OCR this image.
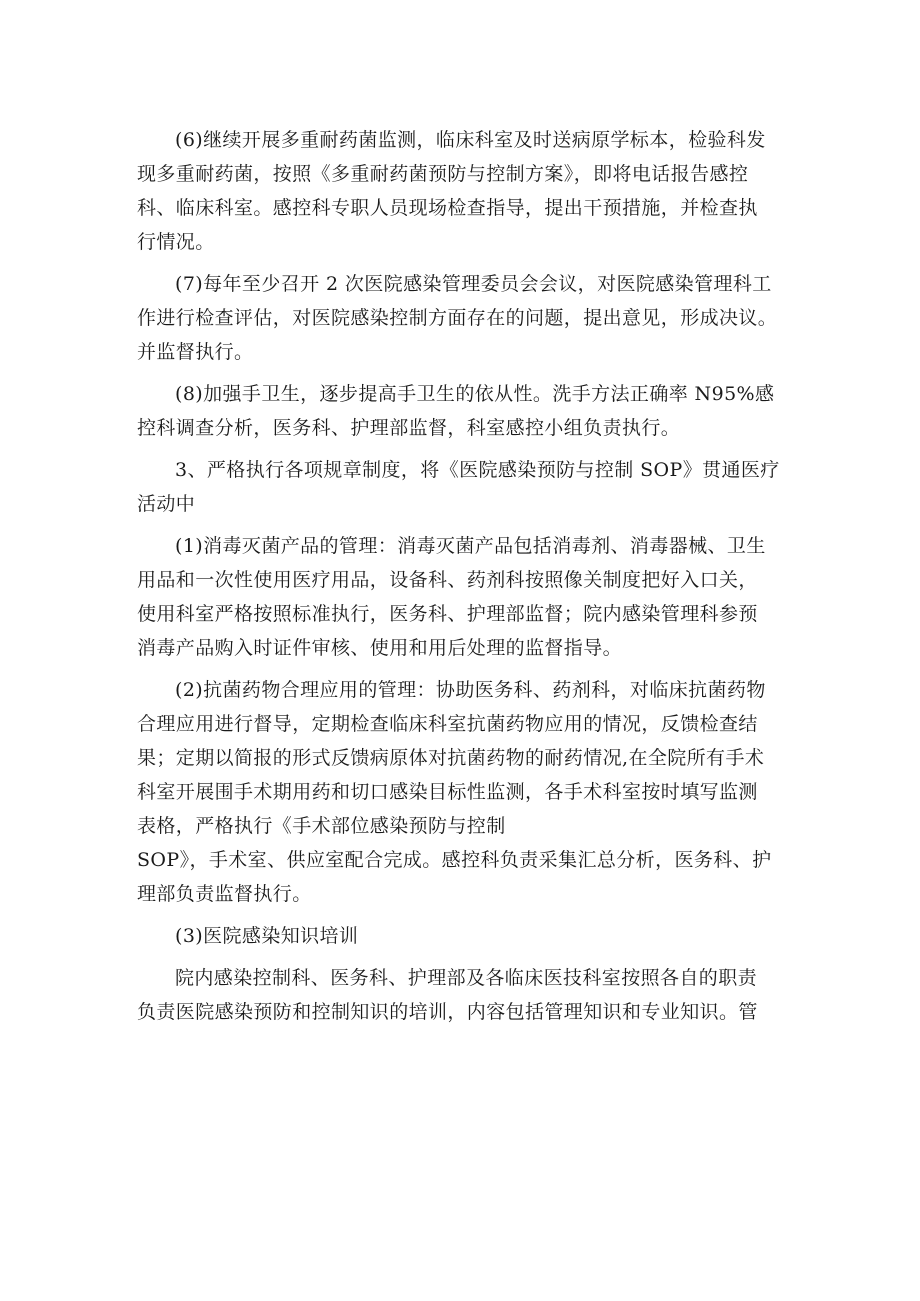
(6)继续开展多重耐药菌监测，临床科室及时送病原学标本，检验科发
现多重耐药菌，按照《多重耐药菌预防与控制方案》，即将电话报告感控
科、临床科室。感控科专职人员现场检查指导，提出干预措施，并检查执
行情况。

(7)每年至少召开 2 次医院感染管理委员会会议，对医院感染管理科工
作进行检查评估，对医院感染控制方面存在的问题，提出意见，形成决议。
并监督执行。

(8)加强手卫生，逐步提高手卫生的依从性。洗手方法正确率 N95%感
控科调查分析，医务科、护理部监督，科室感控小组负责执行。

3、严格执行各项规章制度，将《医院感染预防与控制 SOP》贯通医疗
活动中

(1)消毒灭菌产品的管理：消毒灭菌产品包括消毒剂、消毒器械、卫生
用品和一次性使用医疗用品，设备科、药剂科按照像关制度把好入口关，
使用科室严格按照标准执行，医务科、护理部监督；院内感染管理科参预
消毒产品购入时证件审核、使用和用后处理的监督指导。

(2)抗菌药物合理应用的管理：协助医务科、药剂科，对临床抗菌药物
合理应用进行督导，定期检查临床科室抗菌药物应用的情况，反馈检查结
果；定期以简报的形式反馈病原体对抗菌药物的耐药情况,在全院所有手术
科室开展围手术期用药和切口感染目标性监测，各手术科室按时填写监测
表格，严格执行《手术部位感染预防与控制
SOP》，手术室、供应室配合完成。感控科负责采集汇总分析，医务科、护
理部负责监督执行。

(3)医院感染知识培训

院内感染控制科、医务科、护理部及各临床医技科室按照各自的职责
负责医院感染预防和控制知识的培训，内容包括管理知识和专业知识。管
